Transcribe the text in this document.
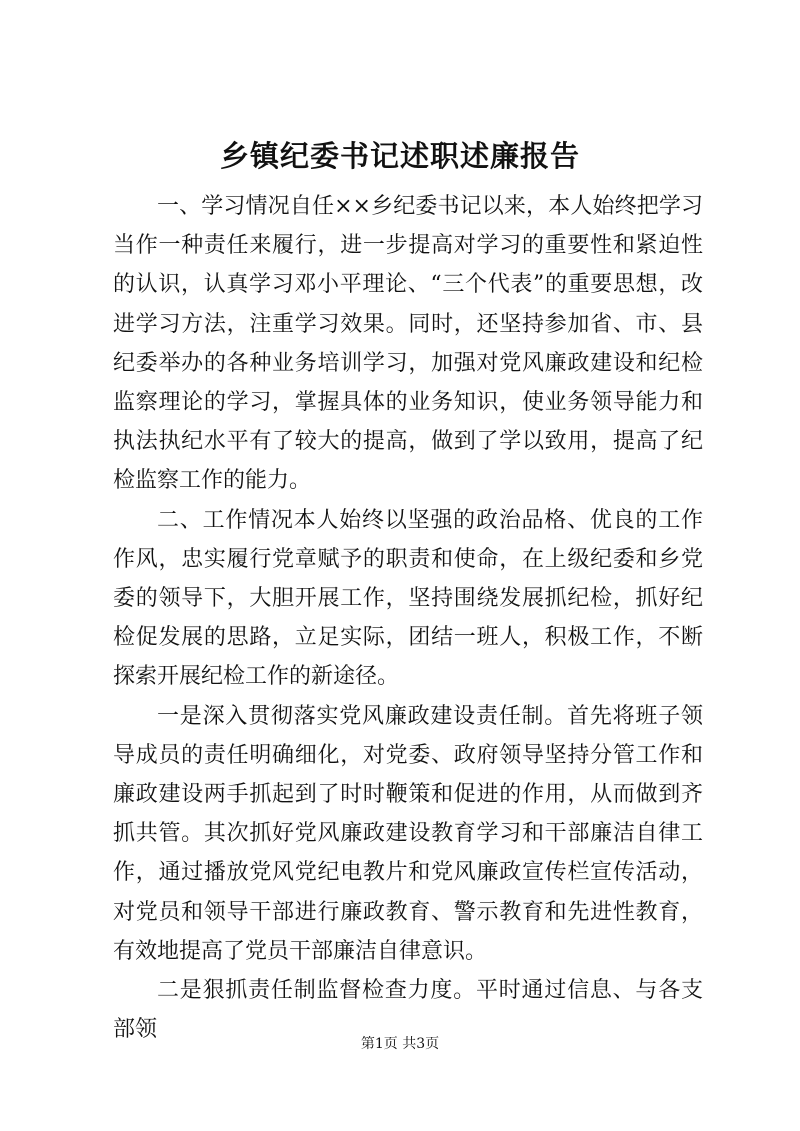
乡镇纪委书记述职述廉报告

一、学习情况自任××乡纪委书记以来，本人始终把学习当作一种责任来履行，进一步提高对学习的重要性和紧迫性的认识，认真学习邓小平理论、“三个代表”的重要思想，改进学习方法，注重学习效果。同时，还坚持参加省、市、县纪委举办的各种业务培训学习，加强对党风廉政建设和纪检监察理论的学习，掌握具体的业务知识，使业务领导能力和执法执纪水平有了较大的提高，做到了学以致用，提高了纪检监察工作的能力。

二、工作情况本人始终以坚强的政治品格、优良的工作作风，忠实履行党章赋予的职责和使命，在上级纪委和乡党委的领导下，大胆开展工作，坚持围绕发展抓纪检，抓好纪检促发展的思路，立足实际，团结一班人，积极工作，不断探索开展纪检工作的新途径。

一是深入贯彻落实党风廉政建设责任制。首先将班子领导成员的责任明确细化，对党委、政府领导坚持分管工作和廉政建设两手抓起到了时时鞭策和促进的作用，从而做到齐抓共管。其次抓好党风廉政建设教育学习和干部廉洁自律工作，通过播放党风党纪电教片和党风廉政宣传栏宣传活动，对党员和领导干部进行廉政教育、警示教育和先进性教育，有效地提高了党员干部廉洁自律意识。

二是狠抓责任制监督检查力度。平时通过信息、与各支部领

第1页 共3页
